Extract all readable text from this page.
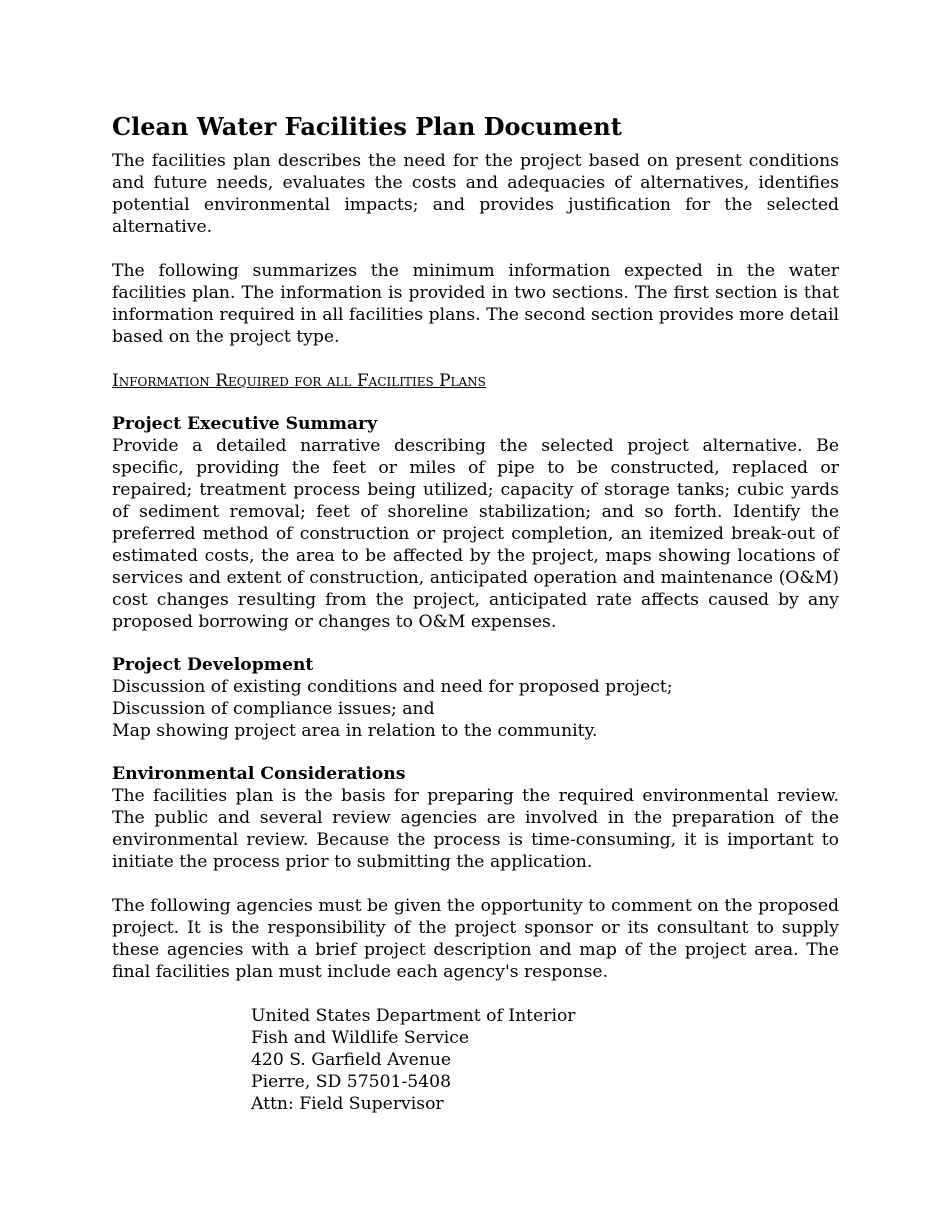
Clean Water Facilities Plan Document

The facilities plan describes the need for the project based on present conditions and future needs, evaluates the costs and adequacies of alternatives, identifies potential environmental impacts; and provides justification for the selected alternative.

The following summarizes the minimum information expected in the water facilities plan. The information is provided in two sections. The first section is that information required in all facilities plans. The second section provides more detail based on the project type.

Information Required for all Facilities Plans

Project Executive Summary

Provide a detailed narrative describing the selected project alternative. Be specific, providing the feet or miles of pipe to be constructed, replaced or repaired; treatment process being utilized; capacity of storage tanks; cubic yards of sediment removal; feet of shoreline stabilization; and so forth. Identify the preferred method of construction or project completion, an itemized break-out of estimated costs, the area to be affected by the project, maps showing locations of services and extent of construction, anticipated operation and maintenance (O&M) cost changes resulting from the project, anticipated rate affects caused by any proposed borrowing or changes to O&M expenses.

Project Development

Discussion of existing conditions and need for proposed project;

Discussion of compliance issues; and

Map showing project area in relation to the community.

Environmental Considerations

The facilities plan is the basis for preparing the required environmental review. The public and several review agencies are involved in the preparation of the environmental review. Because the process is time-consuming, it is important to initiate the process prior to submitting the application.

The following agencies must be given the opportunity to comment on the proposed project. It is the responsibility of the project sponsor or its consultant to supply these agencies with a brief project description and map of the project area. The final facilities plan must include each agency's response.

United States Department of Interior

Fish and Wildlife Service

420 S. Garfield Avenue

Pierre, SD 57501-5408

Attn: Field Supervisor
